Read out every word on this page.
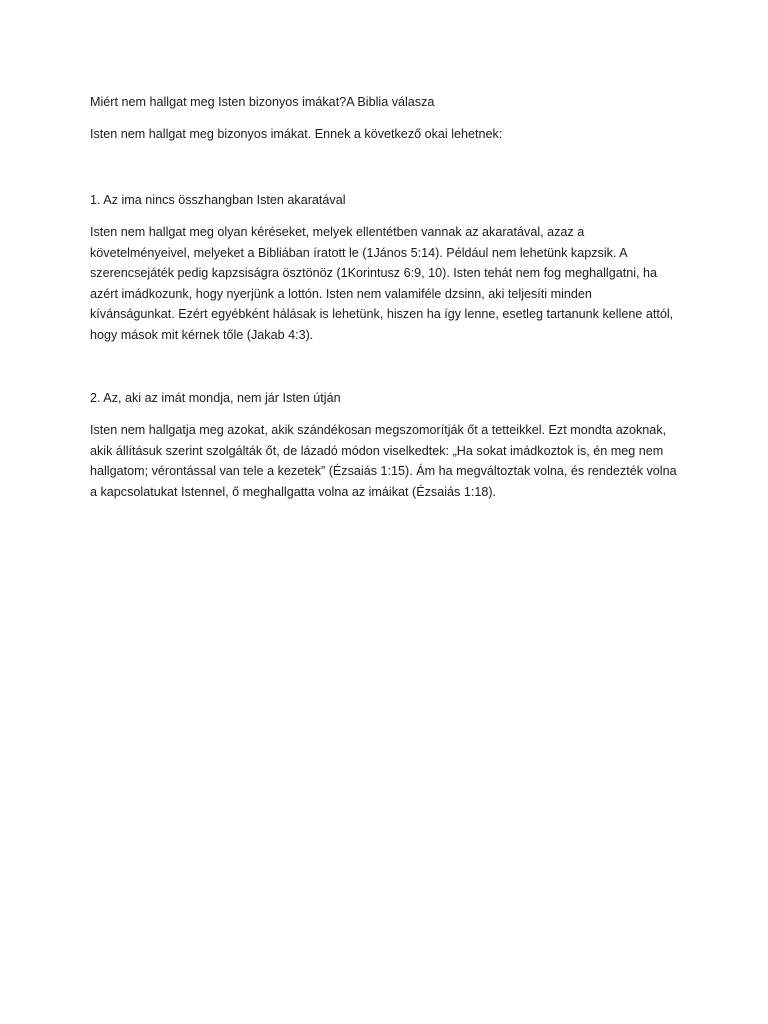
Miért nem hallgat meg Isten bizonyos imákat?A Biblia válasza

Isten nem hallgat meg bizonyos imákat. Ennek a következő okai lehetnek:

1. Az ima nincs összhangban Isten akaratával

Isten nem hallgat meg olyan kéréseket, melyek ellentétben vannak az akaratával, azaz a
követelményeivel, melyeket a Bibliában íratott le (1János 5:14). Például nem lehetünk kapzsik. A
szerencsejáték pedig kapzsiságra ösztönöz (1Korintusz 6:9, 10). Isten tehát nem fog meghallgatni, ha
azért imádkozunk, hogy nyerjünk a lottón. Isten nem valamiféle dzsinn, aki teljesíti minden
kívánságunkat. Ezért egyébként hálásak is lehetünk, hiszen ha így lenne, esetleg tartanunk kellene attól,
hogy mások mit kérnek tőle (Jakab 4:3).

2. Az, aki az imát mondja, nem jár Isten útján

Isten nem hallgatja meg azokat, akik szándékosan megszomorítják őt a tetteikkel. Ezt mondta azoknak,
akik állításuk szerint szolgálták őt, de lázadó módon viselkedtek: „Ha sokat imádkoztok is, én meg nem
hallgatom; vérontással van tele a kezetek” (Ézsaiás 1:15). Ám ha megváltoztak volna, és rendezték volna
a kapcsolatukat Istennel, ő meghallgatta volna az imáikat (Ézsaiás 1:18).
